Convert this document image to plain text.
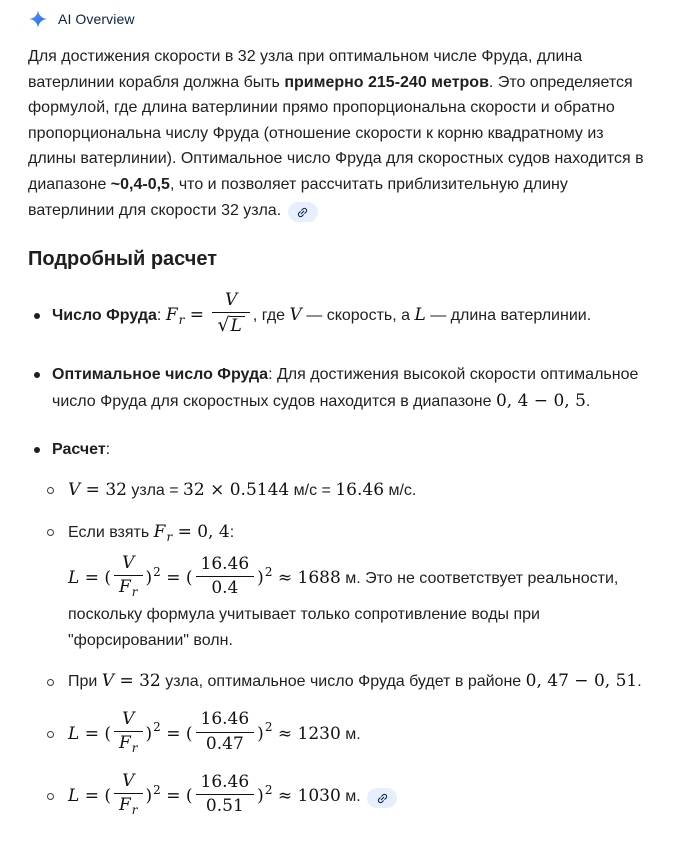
AI Overview

Для достижения скорости в 32 узла при оптимальном числе Фруда, длина ватерлинии корабля должна быть примерно 215-240 метров. Это определяется формулой, где длина ватерлинии прямо пропорциональна скорости и обратно пропорциональна числу Фруда (отношение скорости к корню квадратному из длины ватерлинии). Оптимальное число Фруда для скоростных судов находится в диапазоне ~0,4-0,5, что и позволяет рассчитать приблизительную длину ватерлинии для скорости 32 узла.

Подробный расчет
Число Фруда: $F_r = \frac{V}{√L}$ , где V — скорость, а L — длина ватерлинии.
Оптимальное число Фруда: Для достижения высокой скорости оптимальное число Фруда для скоростных судов находится в диапазоне 0, 4 − 0, 5.
Расчет:
V = 32 узла = 32 × 0.5144 м/с = 16.46 м/с.
Если взять $F_r = 0$, 4:
L = ( $\frac{V}{F_r} )^2$ = ( $\frac{16.46}{0.4} )^2 \approx 1688$ м. Это не соответствует реальности, поскольку формула учитывает только сопротивление воды при "форсировании" волн.
При V = 32 узла, оптимальное число Фруда будет в районе 0, 47 − 0, 51.
L = ( $\frac{V}{F_r} )^2$ = ( $\frac{16.46}{0.47} )^2 \approx 1230$ м.
L = ( $\frac{V}{F_r} )^2$ = ( $\frac{16.46}{0.51} )^2 \approx 1030$ м.
